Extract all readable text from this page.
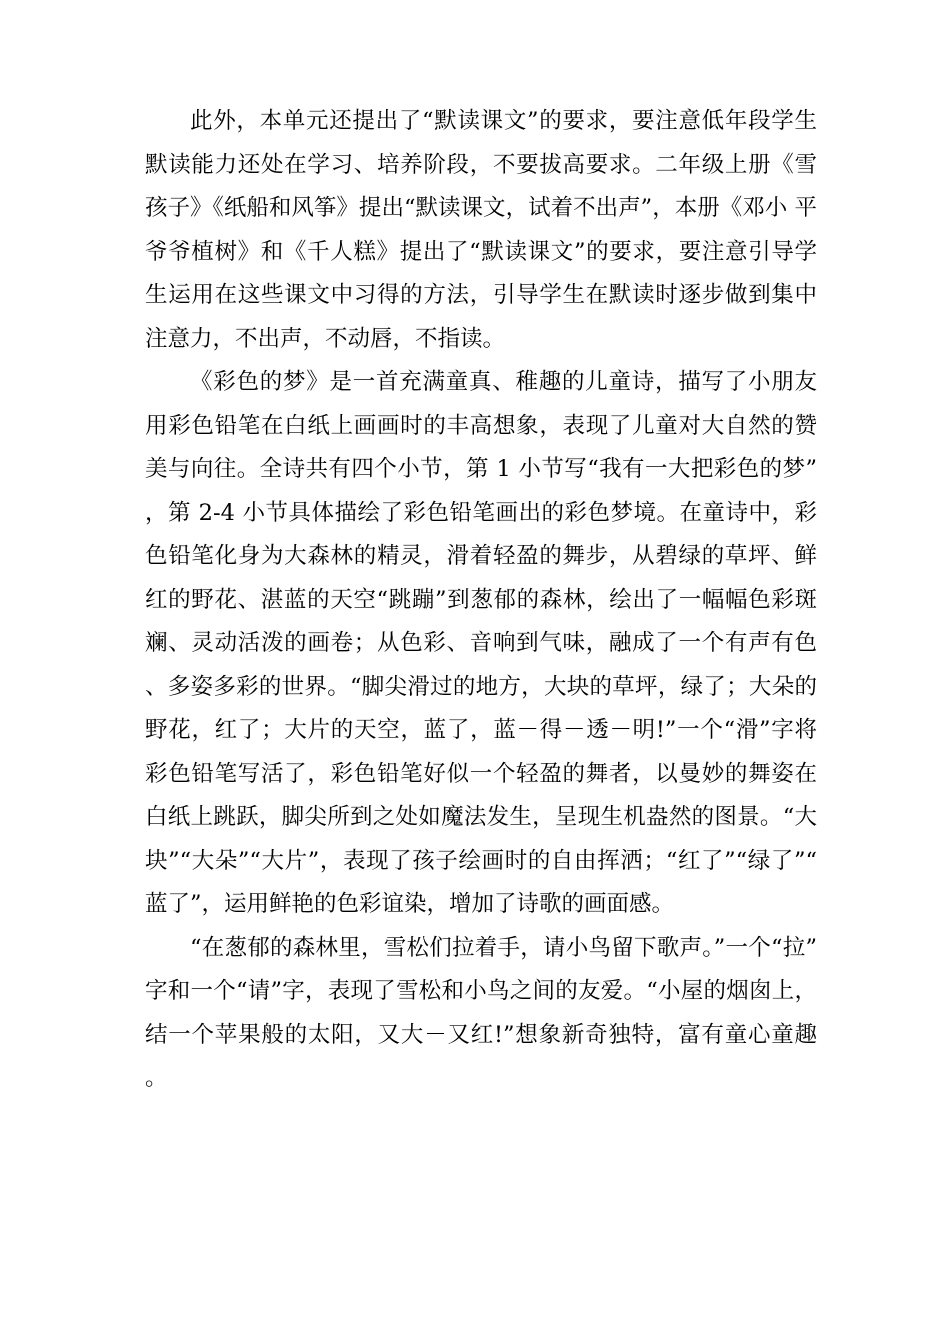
此外，本单元还提出了“默读课文”的要求，要注意低年段学生默读能力还处在学习、培养阶段，不要拔高要求。二年级上册《雪孩子》《纸船和风筝》提出“默读课文，试着不出声”，本册《邓小 平爷爷植树》和《千人糕》提出了“默读课文”的要求，要注意引导学生运用在这些课文中习得的方法，引导学生在默读时逐步做到集中注意力，不出声，不动唇，不指读。

《彩色的梦》是一首充满童真、稚趣的儿童诗，描写了小朋友用彩色铅笔在白纸上画画时的丰高想象，表现了儿童对大自然的赞美与向往。全诗共有四个小节，第 1 小节写“我有一大把彩色的梦”，第 2-4 小节具体描绘了彩色铅笔画出的彩色梦境。在童诗中，彩色铅笔化身为大森林的精灵，滑着轻盈的舞步，从碧绿的草坪、鲜红的野花、湛蓝的天空“跳蹦”到葱郁的森林，绘出了一幅幅色彩斑斓、灵动活泼的画卷；从色彩、音响到气味，融成了一个有声有色、多姿多彩的世界。“脚尖滑过的地方，大块的草坪，绿了；大朵的野花，红了；大片的天空，蓝了，蓝－得－透－明!”一个“滑”字将彩色铅笔写活了，彩色铅笔好似一个轻盈的舞者，以曼妙的舞姿在白纸上跳跃，脚尖所到之处如魔法发生，呈现生机盎然的图景。“大块”“大朵”“大片”，表现了孩子绘画时的自由挥洒；“红了”“绿了”“蓝了”，运用鲜艳的色彩谊染，增加了诗歌的画面感。

“在葱郁的森林里，雪松们拉着手，请小鸟留下歌声。”一个“拉”字和一个“请”字，表现了雪松和小鸟之间的友爱。“小屋的烟囱上，结一个苹果般的太阳，又大－又红!”想象新奇独特，富有童心童趣。
